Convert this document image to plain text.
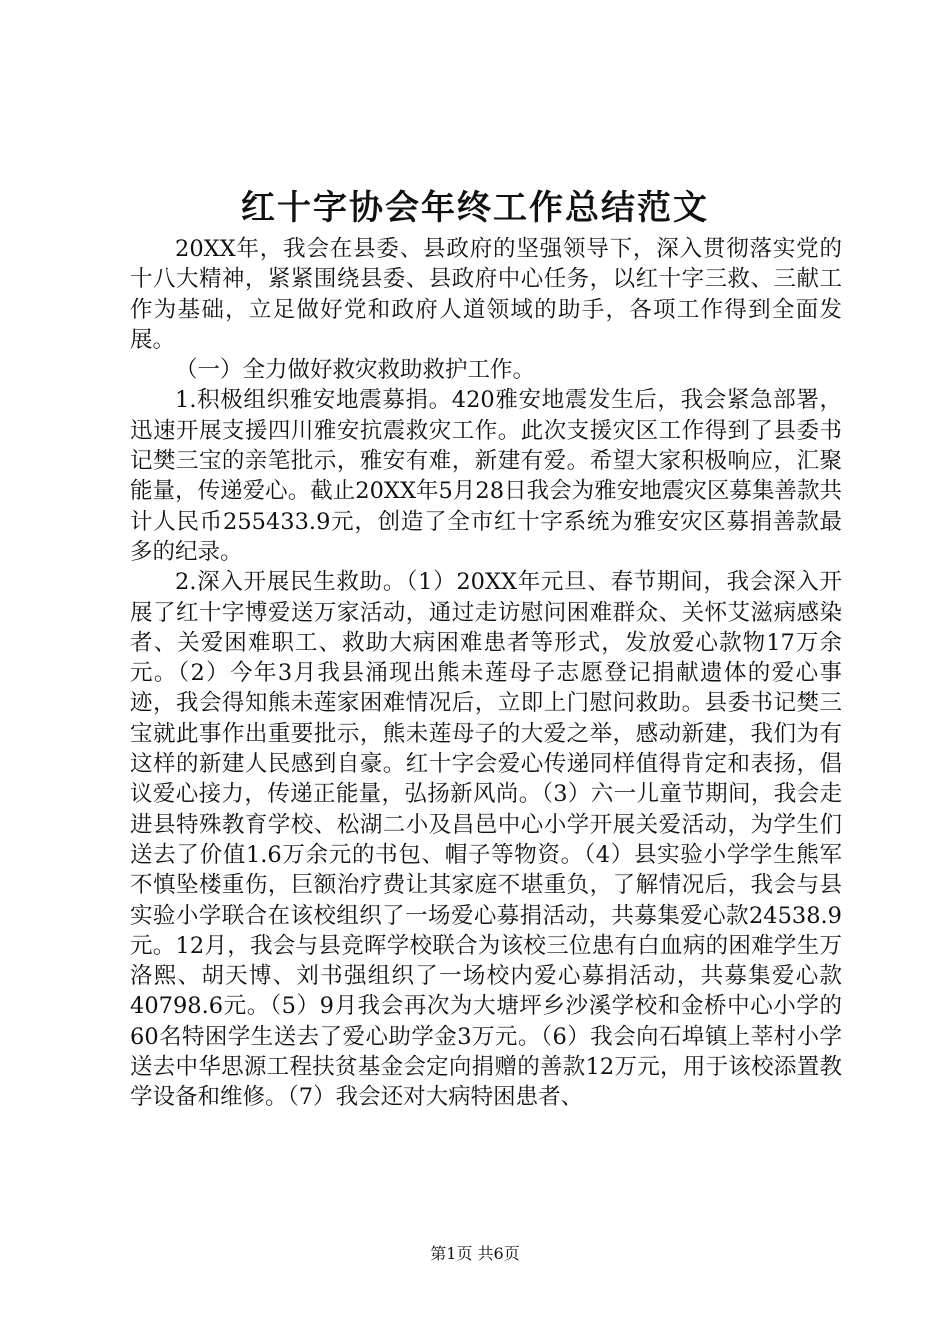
红十字协会年终工作总结范文

20XX年，我会在县委、县政府的坚强领导下，深入贯彻落实党的十八大精神，紧紧围绕县委、县政府中心任务，以红十字三救、三献工作为基础，立足做好党和政府人道领域的助手，各项工作得到全面发展。

（一）全力做好救灾救助救护工作。

1.积极组织雅安地震募捐。420雅安地震发生后，我会紧急部署，迅速开展支援四川雅安抗震救灾工作。此次支援灾区工作得到了县委书记樊三宝的亲笔批示，雅安有难，新建有爱。希望大家积极响应，汇聚能量，传递爱心。截止20XX年5月28日我会为雅安地震灾区募集善款共计人民币255433.9元，创造了全市红十字系统为雅安灾区募捐善款最多的纪录。

2.深入开展民生救助。（1）20XX年元旦、春节期间，我会深入开展了红十字博爱送万家活动，通过走访慰问困难群众、关怀艾滋病感染者、关爱困难职工、救助大病困难患者等形式，发放爱心款物17万余元。（2）今年3月我县涌现出熊未莲母子志愿登记捐献遗体的爱心事迹，我会得知熊未莲家困难情况后，立即上门慰问救助。县委书记樊三宝就此事作出重要批示，熊未莲母子的大爱之举，感动新建，我们为有这样的新建人民感到自豪。红十字会爱心传递同样值得肯定和表扬，倡议爱心接力，传递正能量，弘扬新风尚。（3）六一儿童节期间，我会走进县特殊教育学校、松湖二小及昌邑中心小学开展关爱活动，为学生们送去了价值1.6万余元的书包、帽子等物资。（4）县实验小学学生熊军不慎坠楼重伤，巨额治疗费让其家庭不堪重负，了解情况后，我会与县实验小学联合在该校组织了一场爱心募捐活动，共募集爱心款24538.9元。12月，我会与县竞晖学校联合为该校三位患有白血病的困难学生万洛熙、胡天博、刘书强组织了一场校内爱心募捐活动，共募集爱心款40798.6元。（5）9月我会再次为大塘坪乡沙溪学校和金桥中心小学的60名特困学生送去了爱心助学金3万元。（6）我会向石埠镇上莘村小学送去中华思源工程扶贫基金会定向捐赠的善款12万元，用于该校添置教学设备和维修。（7）我会还对大病特困患者、

第1页 共6页
